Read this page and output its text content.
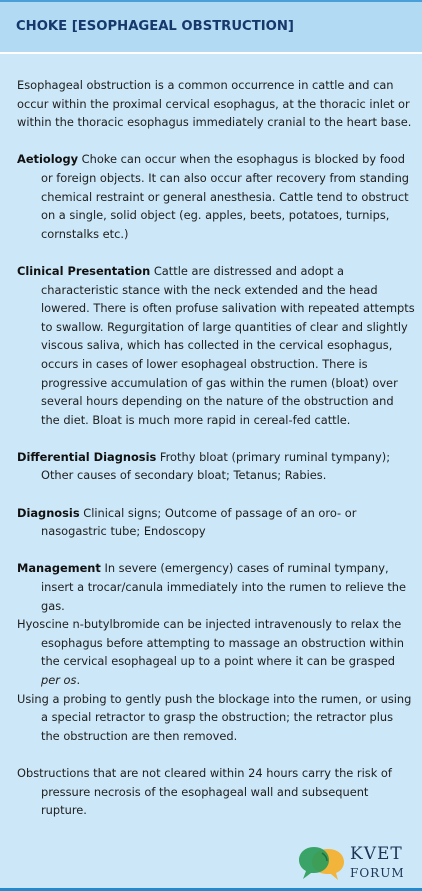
CHOKE [ESOPHAGEAL OBSTRUCTION]

Esophageal obstruction is a common occurrence in cattle and can occur within the proximal cervical esophagus, at the thoracic inlet or within the thoracic esophagus immediately cranial to the heart base.

Aetiology Choke can occur when the esophagus is blocked by food or foreign objects. It can also occur after recovery from standing chemical restraint or general anesthesia. Cattle tend to obstruct on a single, solid object (eg. apples, beets, potatoes, turnips, cornstalks etc.)

Clinical Presentation Cattle are distressed and adopt a characteristic stance with the neck extended and the head lowered. There is often profuse salivation with repeated attempts to swallow. Regurgitation of large quantities of clear and slightly viscous saliva, which has collected in the cervical esophagus, occurs in cases of lower esophageal obstruction. There is progressive accumulation of gas within the rumen (bloat) over several hours depending on the nature of the obstruction and the diet. Bloat is much more rapid in cereal-fed cattle.

Differential Diagnosis Frothy bloat (primary ruminal tympany); Other causes of secondary bloat; Tetanus; Rabies.

Diagnosis Clinical signs; Outcome of passage of an oro- or nasogastric tube; Endoscopy

Management In severe (emergency) cases of ruminal tympany, insert a trocar/canula immediately into the rumen to relieve the gas.
Hyoscine n-butylbromide can be injected intravenously to relax the esophagus before attempting to massage an obstruction within the cervical esophageal up to a point where it can be grasped per os.
Using a probing to gently push the blockage into the rumen, or using a special retractor to grasp the obstruction; the retractor plus the obstruction are then removed.

Obstructions that are not cleared within 24 hours carry the risk of pressure necrosis of the esophageal wall and subsequent rupture.

KVET
FORUM
